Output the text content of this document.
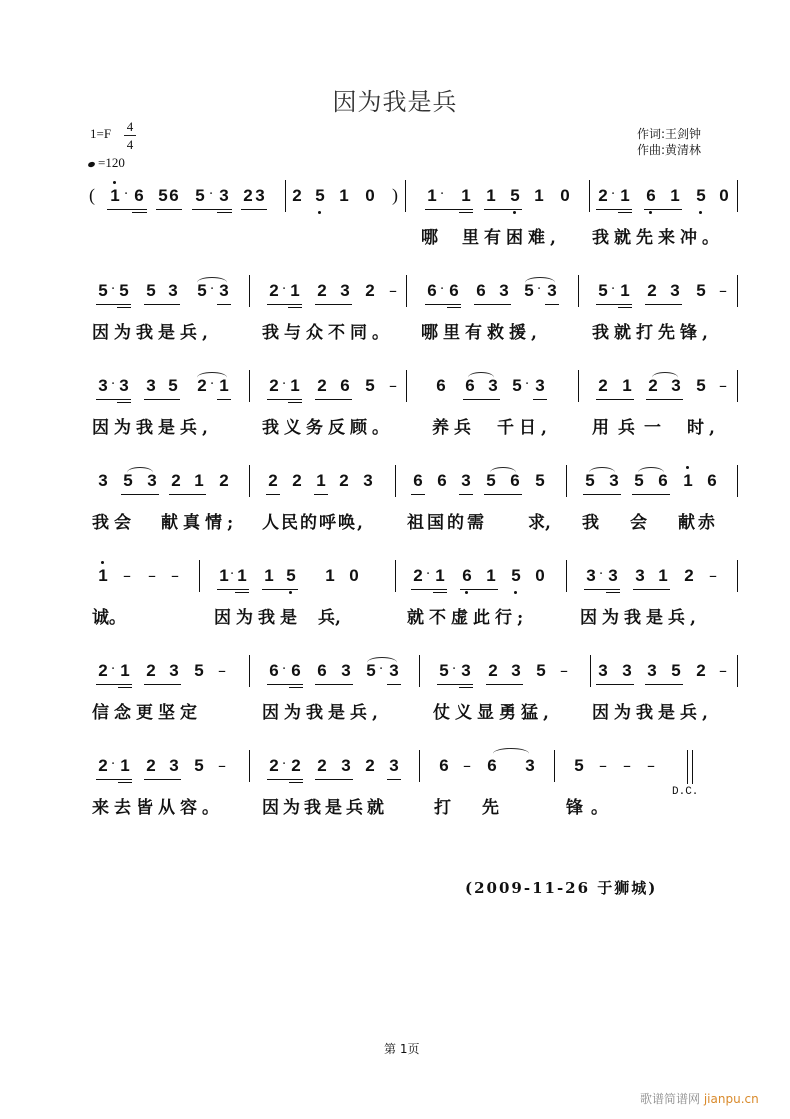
因为我是兵
1=F 4
4
=120
作词:王剑钟
作曲:黄清林
( 1 · 6 5 6 5 · 3 2 3 2 5 1 0 ) 1 · 1 1 5 1 0 2 · 1 6 1 5 0
哪 里有困难, 我就先来冲。
5 · 5 5 3 5 · 3 2 · 1 2 3 2 – 6 · 6 6 3 5 · 3 5 · 1 2 3 5 –
因为我是兵,	我与众不同。 哪里有救援,	我就打先锋,
3 · 3 3 5 2 · 1 2 · 1 2 6 5 – 6 6 3 5 · 3	2 1 2 3 5 –
因为我是兵,	我义务反顾。 养兵 千日, 用兵一 时,
3 5 3 2 1 2 2 2 1 2 3 6 6 3 5 6 5 5 3 5 6 1 6
我会 献真情; 人民的呼唤, 祖国的需 求, 我 会 献赤
1 – – – 1 · 1 1 5 1 0	2 · 1 6 1 5 0 3 · 3 3 1 2 –
诚。	因为我是 兵,	就不虚此行;	因为我是兵,
2 · 1 2 3 5 –	6 · 6 6 3 5 · 3 5 · 3 2 3 5 – 3 3 3 5 2 –
信念更坚定	因为我是兵,	仗义显勇猛, 因为我是兵,
2 · 1 2 3 5 –	2 · 2 2 3 2 3 6 – 6 3 5 – – –
D.C.
来去皆从容。 因为我是兵就	打 先	锋。
(2009-11-26 于狮城)
第 1页
歌谱简谱网 jianpu.cn
